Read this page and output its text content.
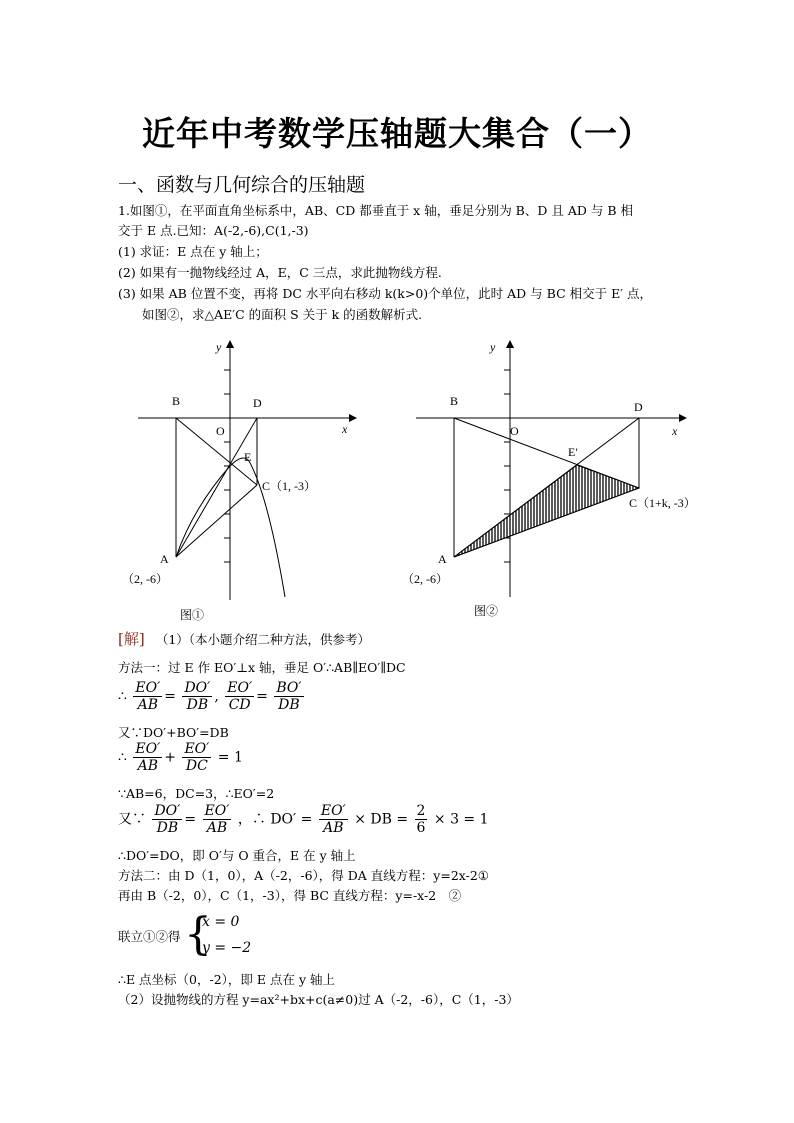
近年中考数学压轴题大集合（一）
一、函数与几何综合的压轴题
1.如图①，在平面直角坐标系中，AB、CD 都垂直于 x 轴，垂足分别为 B、D 且 AD 与 B 相
交于 E 点.已知：A(-2,-6),C(1,-3)
(1) 求证：E 点在 y 轴上；
(2) 如果有一抛物线经过 A，E，C 三点，求此抛物线方程.
(3) 如果 AB 位置不变，再将 DC 水平向右移动 k(k>0)个单位，此时 AD 与 BC 相交于 E′ 点，
如图②，求△AE′C 的面积 S 关于 k 的函数解析式.
y
x
B	D
O
E
C（1, -3）
A
（2, -6）
图①
y
x
B	D
O
E′
C（1+k, -3）
A
（2, -6）
图②
[解] （1）（本小题介绍二种方法，供参考）
方法一：过 E 作 EO′⊥x 轴，垂足 O′∴AB∥EO′∥DC
∴ $\frac{EO'}{AB} = \frac{DO'}{DB}$ , $\frac{EO'}{CD} = \frac{BO'}{DB}$
又∵DO′+BO′=DB
∴ $\frac{EO'}{AB} + \frac{EO'}{DC} = 1$
∵AB=6，DC=3，∴EO′=2
又∵ $\frac{DO'}{DB} = \frac{EO'}{AB}$ ，∴ $DO' = \frac{EO'}{AB}$ × DB = $\frac{2}{6} \times 3 = 1$
∴DO′=DO，即 O′与 O 重合，E 在 y 轴上
方法二：由 D（1，0），A（-2，-6），得 DA 直线方程：y=2x-2①
再由 B（-2，0），C（1，-3），得 BC 直线方程：y=-x-2　②
联立①②得 {
x = 0
y = −2
∴E 点坐标（0，-2），即 E 点在 y 轴上
（2）设抛物线的方程 y=ax²+bx+c(a≠0)过 A（-2，-6），C（1，-3）
